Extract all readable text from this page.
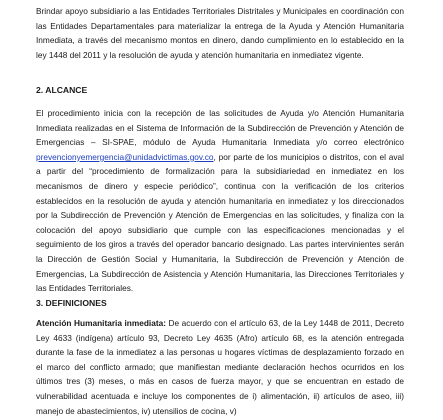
Brindar apoyo subsidiario a las Entidades Territoriales Distritales y Municipales en coordinación con las Entidades Departamentales para materializar la entrega de la Ayuda y Atención Humanitaria Inmediata, a través del mecanismo montos en dinero, dando cumplimiento en lo establecido en la ley 1448 del 2011 y la resolución de ayuda y atención humanitaria en inmediatez vigente.

2. ALCANCE

El procedimiento inicia con la recepción de las solicitudes de Ayuda y/o Atención Humanitaria Inmediata realizadas en el Sistema de Información de la Subdirección de Prevención y Atención de Emergencias – SI-SPAE, módulo de Ayuda Humanitaria Inmediata y/o correo electrónico prevencionyemergencia@unidadvictimas.gov.co, por parte de los municipios o distritos, con el aval a partir del “procedimiento de formalización para la subsidiariedad en inmediatez en los mecanismos de dinero y especie periódico”, continua con la verificación de los criterios establecidos en la resolución de ayuda y atención humanitaria en inmediatez y los direccionados por la Subdirección de Prevención y Atención de Emergencias en las solicitudes, y finaliza con la colocación del apoyo subsidiario que cumple con las especificaciones mencionadas y el seguimiento de los giros a través del operador bancario designado. Las partes intervinientes serán la Dirección de Gestión Social y Humanitaria, la Subdirección de Prevención y Atención de Emergencias, La Subdirección de Asistencia y Atención Humanitaria, las Direcciones Territoriales y las Entidades Territoriales.

3. DEFINICIONES

Atención Humanitaria inmediata: De acuerdo con el artículo 63, de la Ley 1448 de 2011, Decreto Ley 4633 (indígena) artículo 93, Decreto Ley 4635 (Afro) artículo 68, es la atención entregada durante la fase de la inmediatez a las personas u hogares víctimas de desplazamiento forzado en el marco del conflicto armado; que manifiestan mediante declaración hechos ocurridos en los últimos tres (3) meses, o más en casos de fuerza mayor, y que se encuentran en estado de vulnerabilidad acentuada e incluye los componentes de i) alimentación, ii) artículos de aseo, iii) manejo de abastecimientos, iv) utensilios de cocina, v)
